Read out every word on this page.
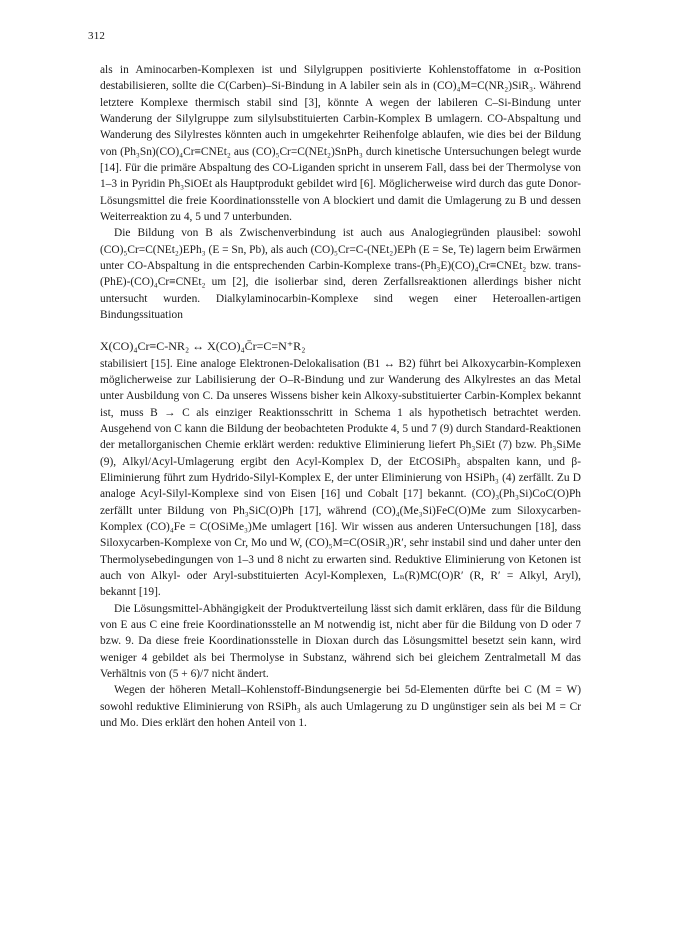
312

als in Aminocarben-Komplexen ist und Silylgruppen positivierte Kohlenstoffatome in α-Position destabilisieren, sollte die C(Carben)–Si-Bindung in A labiler sein als in (CO)₄M=C(NR₂)SiR₃. Während letztere Komplexe thermisch stabil sind [3], könnte A wegen der labileren C–Si-Bindung unter Wanderung der Silylgruppe zum silylsubstituierten Carbin-Komplex B umlagern. CO-Abspaltung und Wanderung des Silylrestes könnten auch in umgekehrter Reihenfolge ablaufen, wie dies bei der Bildung von (Ph₃Sn)(CO)₄Cr≡CNEt₂ aus (CO)₅Cr=C(NEt₂)SnPh₃ durch kinetische Untersuchungen belegt wurde [14]. Für die primäre Abspaltung des CO-Liganden spricht in unserem Fall, dass bei der Thermolyse von 1–3 in Pyridin Ph₃SiOEt als Hauptprodukt gebildet wird [6]. Möglicherweise wird durch das gute Donor-Lösungsmittel die freie Koordinationsstelle von A blockiert und damit die Umlagerung zu B und dessen Weiterreaktion zu 4, 5 und 7 unterbunden.

Die Bildung von B als Zwischenverbindung ist auch aus Analogiegründen plausibel: sowohl (CO)₅Cr=C(NEt₂)EPh₃ (E = Sn, Pb), als auch (CO)₅Cr=C-(NEt₂)EPh (E = Se, Te) lagern beim Erwärmen unter CO-Abspaltung in die entsprechenden Carbin-Komplexe trans-(Ph₃E)(CO)₄Cr≡CNEt₂ bzw. trans-(PhE)-(CO)₄Cr≡CNEt₂ um [2], die isolierbar sind, deren Zerfallsreaktionen allerdings bisher nicht untersucht wurden. Dialkylaminocarbin-Komplexe sind wegen einer Heteroallen-artigen Bindungssituation

X(CO)₄Cr≡C-NR₂ ↔ X(CO)₄C̄r=C=N⁺R₂

stabilisiert [15]. Eine analoge Elektronen-Delokalisation (B1 ↔ B2) führt bei Alkoxycarbin-Komplexen möglicherweise zur Labilisierung der O–R-Bindung und zur Wanderung des Alkylrestes an das Metal unter Ausbildung von C. Da unseres Wissens bisher kein Alkoxy-substituierter Carbin-Komplex bekannt ist, muss B → C als einziger Reaktionsschritt in Schema 1 als hypothetisch betrachtet werden. Ausgehend von C kann die Bildung der beobachteten Produkte 4, 5 und 7 (9) durch Standard-Reaktionen der metallorganischen Chemie erklärt werden: reduktive Eliminierung liefert Ph₃SiEt (7) bzw. Ph₃SiMe (9), Alkyl/Acyl-Umlagerung ergibt den Acyl-Komplex D, der EtCOSiPh₃ abspalten kann, und β-Eliminierung führt zum Hydrido-Silyl-Komplex E, der unter Eliminierung von HSiPh₃ (4) zerfällt. Zu D analoge Acyl-Silyl-Komplexe sind von Eisen [16] und Cobalt [17] bekannt. (CO)₃(Ph₃Si)CoC(O)Ph zerfällt unter Bildung von Ph₃SiC(O)Ph [17], während (CO)₄(Me₃Si)FeC(O)Me zum Siloxycarben-Komplex (CO)₄Fe = C(OSiMe₃)Me umlagert [16]. Wir wissen aus anderen Untersuchungen [18], dass Siloxycarben-Komplexe von Cr, Mo und W, (CO)₅M=C(OSiR₃)R′, sehr instabil sind und daher unter den Thermolysebedingungen von 1–3 und 8 nicht zu erwarten sind. Reduktive Eliminierung von Ketonen ist auch von Alkyl- oder Aryl-substituierten Acyl-Komplexen, Lₙ(R)MC(O)R′ (R, R′ = Alkyl, Aryl), bekannt [19].

Die Lösungsmittel-Abhängigkeit der Produktverteilung lässt sich damit erklären, dass für die Bildung von E aus C eine freie Koordinationsstelle an M notwendig ist, nicht aber für die Bildung von D oder 7 bzw. 9. Da diese freie Koordinationsstelle in Dioxan durch das Lösungsmittel besetzt sein kann, wird weniger 4 gebildet als bei Thermolyse in Substanz, während sich bei gleichem Zentralmetall M das Verhältnis von (5 + 6)/7 nicht ändert.

Wegen der höheren Metall–Kohlenstoff-Bindungsenergie bei 5d-Elementen dürfte bei C (M = W) sowohl reduktive Eliminierung von RSiPh₃ als auch Umlagerung zu D ungünstiger sein als bei M = Cr und Mo. Dies erklärt den hohen Anteil von 1.
